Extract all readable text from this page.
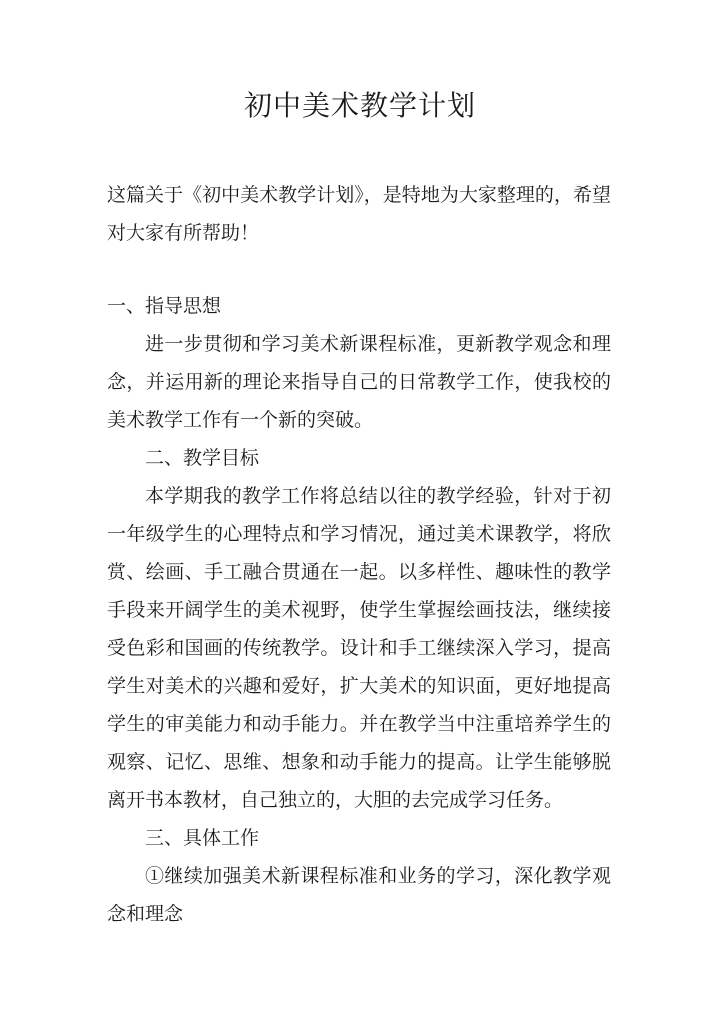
初中美术教学计划
这篇关于《初中美术教学计划》，是特地为大家整理的，希望对大家有所帮助！

一、指导思想

进一步贯彻和学习美术新课程标准，更新教学观念和理念，并运用新的理论来指导自己的日常教学工作，使我校的美术教学工作有一个新的突破。

二、教学目标

本学期我的教学工作将总结以往的教学经验，针对于初一年级学生的心理特点和学习情况，通过美术课教学，将欣赏、绘画、手工融合贯通在一起。以多样性、趣味性的教学手段来开阔学生的美术视野，使学生掌握绘画技法，继续接受色彩和国画的传统教学。设计和手工继续深入学习，提高学生对美术的兴趣和爱好，扩大美术的知识面，更好地提高学生的审美能力和动手能力。并在教学当中注重培养学生的观察、记忆、思维、想象和动手能力的提高。让学生能够脱离开书本教材，自己独立的，大胆的去完成学习任务。

三、具体工作

①继续加强美术新课程标准和业务的学习，深化教学观念和理念
